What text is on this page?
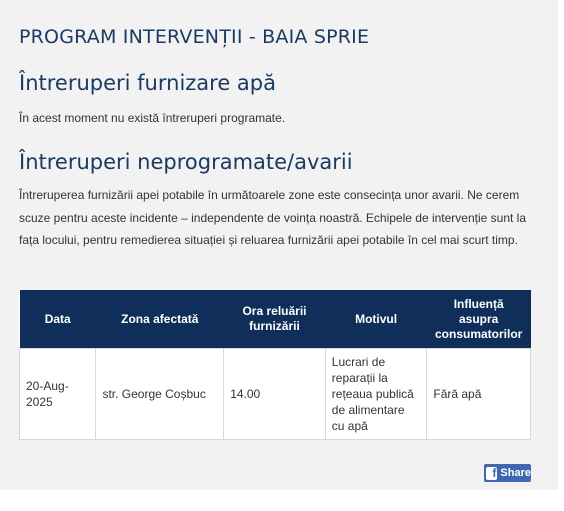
PROGRAM INTERVENȚII - BAIA SPRIE
Întreruperi furnizare apă
În acest moment nu există întreruperi programate.
Întreruperi neprogramate/avarii
Întreruperea furnizării apei potabile în următoarele zone este consecința unor avarii. Ne cerem scuze pentru aceste incidente – independente de voința noastră. Echipele de intervenție sunt la fața locului, pentru remedierea situației și reluarea furnizării apei potabile în cel mai scurt timp.
Data	Zona afectată	Ora reluării furnizării	Motivul	Influență asupra consumatorilor
20-Aug-2025	str. George Coșbuc	14.00	Lucrari de reparații la rețeaua publică de alimentare cu apă	Fără apă
f Share
